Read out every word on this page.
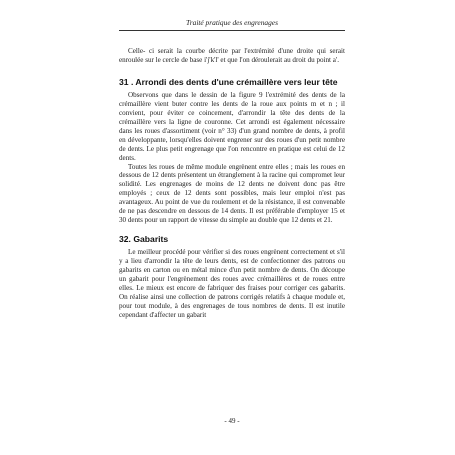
Traité pratique des engrenages

Celle- ci serait la courbe décrite par l'extrémité d'une droite qui serait enroulée sur le cercle de base i'j'k'l' et que l'on déroulerait au droit du point a'.

31 . Arrondi des dents d'une crémaillère vers leur tête

Observons que dans le dessin de la figure 9 l'extrémité des dents de la crémaillère vient buter contre les dents de la roue aux points m et n ; il convient, pour éviter ce coincement, d'arrondir la tête des dents de la crémaillère vers la ligne de couronne. Cet arrondi est également nécessaire dans les roues d'assortiment (voir n° 33) d'un grand nombre de dents, à profil en développante, lorsqu'elles doivent engrener sur des roues d'un petit nombre de dents. Le plus petit engrenage que l'on rencontre en pratique est celui de 12 dents.

Toutes les roues de même module engrènent entre elles ; mais les roues en dessous de 12 dents présentent un étranglement à la racine qui compromet leur solidité. Les engrenages de moins de 12 dents ne doivent donc pas être employés ; ceux de 12 dents sont possibles, mais leur emploi n'est pas avantageux. Au point de vue du roulement et de la résistance, il est convenable de ne pas descendre en dessous de 14 dents. Il est préférable d'employer 15 et 30 dents pour un rapport de vitesse du simple au double que 12 dents et 21.

32. Gabarits

Le meilleur procédé pour vérifier si des roues engrènent correctement et s'il y a lieu d'arrondir la tête de leurs dents, est de confectionner des patrons ou gabarits en carton ou en métal mince d'un petit nombre de dents. On découpe un gabarit pour l'engrènement des roues avec crémaillères et de roues entre elles. Le mieux est encore de fabriquer des fraises pour corriger ces gabarits. On réalise ainsi une collection de patrons corrigés relatifs à chaque module et, pour tout module, à des engrenages de tous nombres de dents. Il est inutile cependant d'affecter un gabarit

- 49 -
